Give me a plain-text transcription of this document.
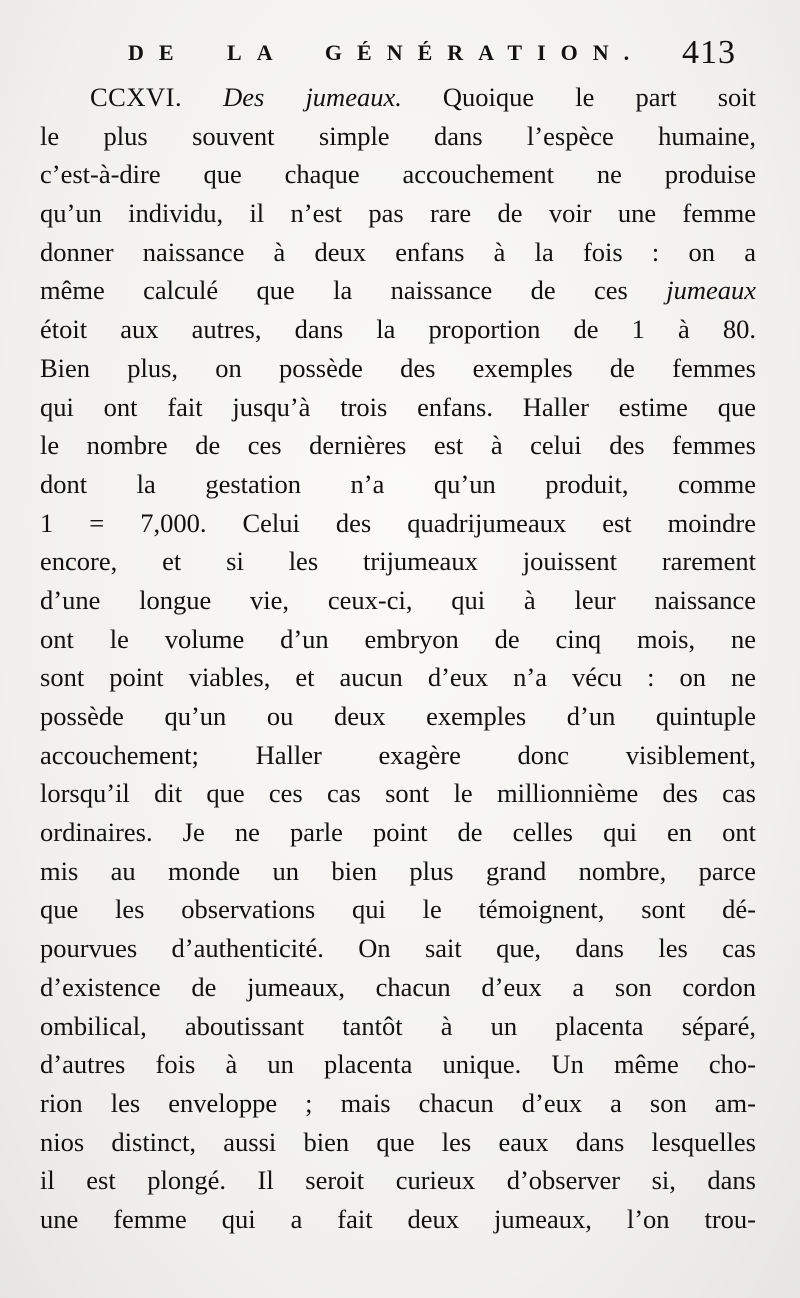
DE LA GÉNÉRATION. 413
CCXVI. Des jumeaux. Quoique le part soit
le plus souvent simple dans l’espèce humaine,
c’est-à-dire que chaque accouchement ne produise
qu’un individu, il n’est pas rare de voir une femme
donner naissance à deux enfans à la fois : on a
même calculé que la naissance de ces jumeaux
étoit aux autres, dans la proportion de 1 à 80.
Bien plus, on possède des exemples de femmes
qui ont fait jusqu’à trois enfans. Haller estime que
le nombre de ces dernières est à celui des femmes
dont la gestation n’a qu’un produit, comme
1 = 7,000. Celui des quadrijumeaux est moindre
encore, et si les trijumeaux jouissent rarement
d’une longue vie, ceux-ci, qui à leur naissance
ont le volume d’un embryon de cinq mois, ne
sont point viables, et aucun d’eux n’a vécu : on ne
possède qu’un ou deux exemples d’un quintuple
accouchement; Haller exagère donc visiblement,
lorsqu’il dit que ces cas sont le millionnième des cas
ordinaires. Je ne parle point de celles qui en ont
mis au monde un bien plus grand nombre, parce
que les observations qui le témoignent, sont dé-
pourvues d’authenticité. On sait que, dans les cas
d’existence de jumeaux, chacun d’eux a son cordon
ombilical, aboutissant tantôt à un placenta séparé,
d’autres fois à un placenta unique. Un même cho-
rion les enveloppe ; mais chacun d’eux a son am-
nios distinct, aussi bien que les eaux dans lesquelles
il est plongé. Il seroit curieux d’observer si, dans
une femme qui a fait deux jumeaux, l’on trou-
